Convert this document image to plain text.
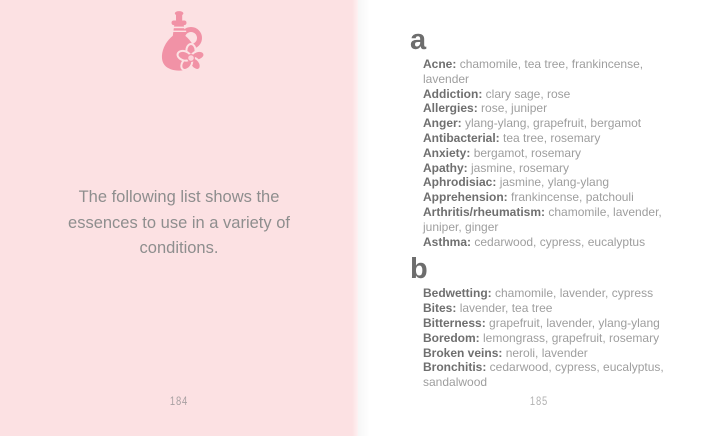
The following list shows the essences to use in a variety of conditions.

184
a

Acne: chamomile, tea tree, frankincense, lavender

Addiction: clary sage, rose

Allergies: rose, juniper

Anger: ylang-ylang, grapefruit, bergamot

Antibacterial: tea tree, rosemary

Anxiety: bergamot, rosemary

Apathy: jasmine, rosemary

Aphrodisiac: jasmine, ylang-ylang

Apprehension: frankincense, patchouli

Arthritis/rheumatism: chamomile, lavender, juniper, ginger

Asthma: cedarwood, cypress, eucalyptus

b

Bedwetting: chamomile, lavender, cypress

Bites: lavender, tea tree

Bitterness: grapefruit, lavender, ylang-ylang

Boredom: lemongrass, grapefruit, rosemary

Broken veins: neroli, lavender

Bronchitis: cedarwood, cypress, eucalyptus, sandalwood

185
